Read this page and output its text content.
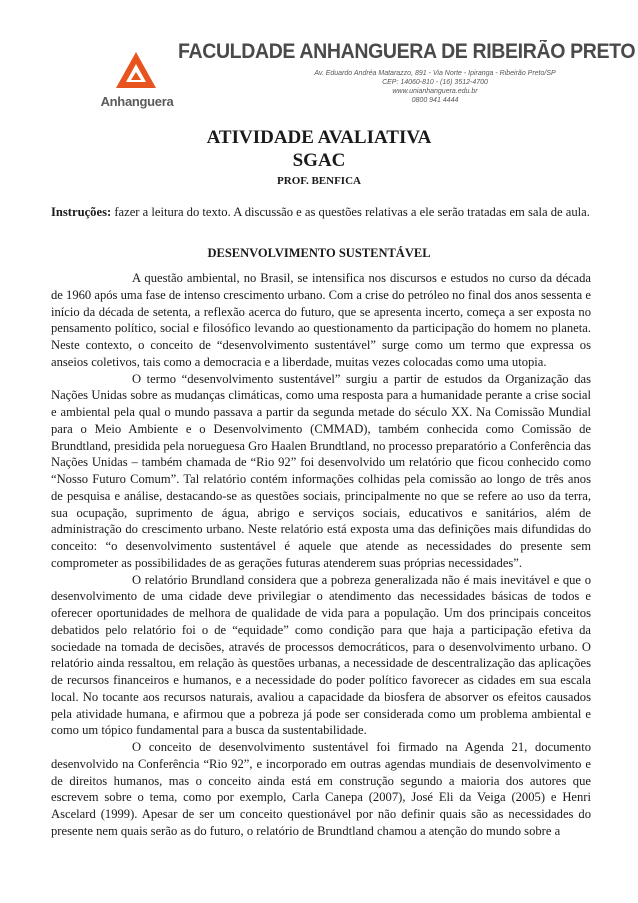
Anhanguera
FACULDADE ANHANGUERA DE RIBEIRÃO PRETO
Av. Eduardo Andréa Matarazzo, 891 - Via Norte - Ipiranga - Ribeirão Preto/SP
CEP: 14060-810 - (16) 3512-4700
www.unianhanguera.edu.br
0800 941 4444
ATIVIDADE AVALIATIVA
SGAC
PROF. BENFICA
Instruções: fazer a leitura do texto. A discussão e as questões relativas a ele serão tratadas em sala de aula.
DESENVOLVIMENTO SUSTENTÁVEL

A questão ambiental, no Brasil, se intensifica nos discursos e estudos no curso da década de 1960 após uma fase de intenso crescimento urbano. Com a crise do petróleo no final dos anos sessenta e início da década de setenta, a reflexão acerca do futuro, que se apresenta incerto, começa a ser exposta no pensamento político, social e filosófico levando ao questionamento da participação do homem no planeta. Neste contexto, o conceito de “desenvolvimento sustentável” surge como um termo que expressa os anseios coletivos, tais como a democracia e a liberdade, muitas vezes colocadas como uma utopia.

O termo “desenvolvimento sustentável” surgiu a partir de estudos da Organização das Nações Unidas sobre as mudanças climáticas, como uma resposta para a humanidade perante a crise social e ambiental pela qual o mundo passava a partir da segunda metade do século XX. Na Comissão Mundial para o Meio Ambiente e o Desenvolvimento (CMMAD), também conhecida como Comissão de Brundtland, presidida pela norueguesa Gro Haalen Brundtland, no processo preparatório a Conferência das Nações Unidas – também chamada de “Rio 92” foi desenvolvido um relatório que ficou conhecido como “Nosso Futuro Comum”. Tal relatório contém informações colhidas pela comissão ao longo de três anos de pesquisa e análise, destacando-se as questões sociais, principalmente no que se refere ao uso da terra, sua ocupação, suprimento de água, abrigo e serviços sociais, educativos e sanitários, além de administração do crescimento urbano. Neste relatório está exposta uma das definições mais difundidas do conceito: “o desenvolvimento sustentável é aquele que atende as necessidades do presente sem comprometer as possibilidades de as gerações futuras atenderem suas próprias necessidades”.

O relatório Brundland considera que a pobreza generalizada não é mais inevitável e que o desenvolvimento de uma cidade deve privilegiar o atendimento das necessidades básicas de todos e oferecer oportunidades de melhora de qualidade de vida para a população. Um dos principais conceitos debatidos pelo relatório foi o de “equidade” como condição para que haja a participação efetiva da sociedade na tomada de decisões, através de processos democráticos, para o desenvolvimento urbano. O relatório ainda ressaltou, em relação às questões urbanas, a necessidade de descentralização das aplicações de recursos financeiros e humanos, e a necessidade do poder político favorecer as cidades em sua escala local. No tocante aos recursos naturais, avaliou a capacidade da biosfera de absorver os efeitos causados pela atividade humana, e afirmou que a pobreza já pode ser considerada como um problema ambiental e como um tópico fundamental para a busca da sustentabilidade.

O conceito de desenvolvimento sustentável foi firmado na Agenda 21, documento desenvolvido na Conferência “Rio 92”, e incorporado em outras agendas mundiais de desenvolvimento e de direitos humanos, mas o conceito ainda está em construção segundo a maioria dos autores que escrevem sobre o tema, como por exemplo, Carla Canepa (2007), José Eli da Veiga (2005) e Henri Ascelard (1999). Apesar de ser um conceito questionável por não definir quais são as necessidades do presente nem quais serão as do futuro, o relatório de Brundtland chamou a atenção do mundo sobre a
